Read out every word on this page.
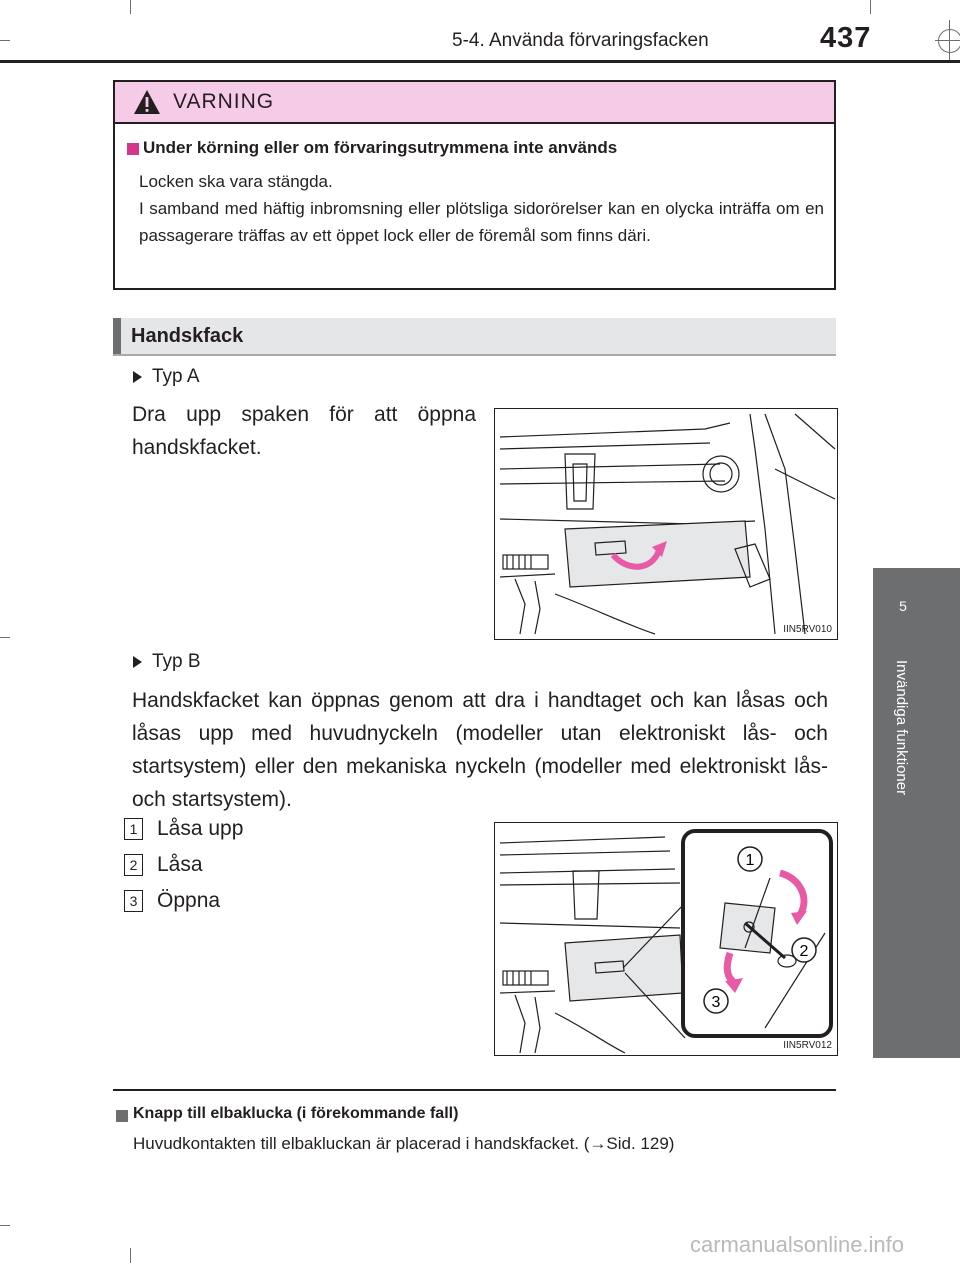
5-4. Använda förvaringsfacken	437
5
Invändiga funktioner
VARNING
Under körning eller om förvaringsutrymmena inte används
Locken ska vara stängda.
I samband med häftig inbromsning eller plötsliga sidorörelser kan en olycka inträffa om en passagerare träffas av ett öppet lock eller de föremål som finns däri.
Handskfack
Typ A
Dra upp spaken för att öppna handskfacket.
IIN5RV010
Typ B
Handskfacket kan öppnas genom att dra i handtaget och kan låsas och låsas upp med huvudnyckeln (modeller utan elektroniskt lås- och startsystem) eller den mekaniska nyckeln (modeller med elektroniskt lås- och startsystem).
1 Låsa upp
2 Låsa
3 Öppna
1
2
3
IIN5RV012
Knapp till elbaklucka (i förekommande fall)
Huvudkontakten till elbakluckan är placerad i handskfacket. (→Sid. 129)
carmanualsonline.info
